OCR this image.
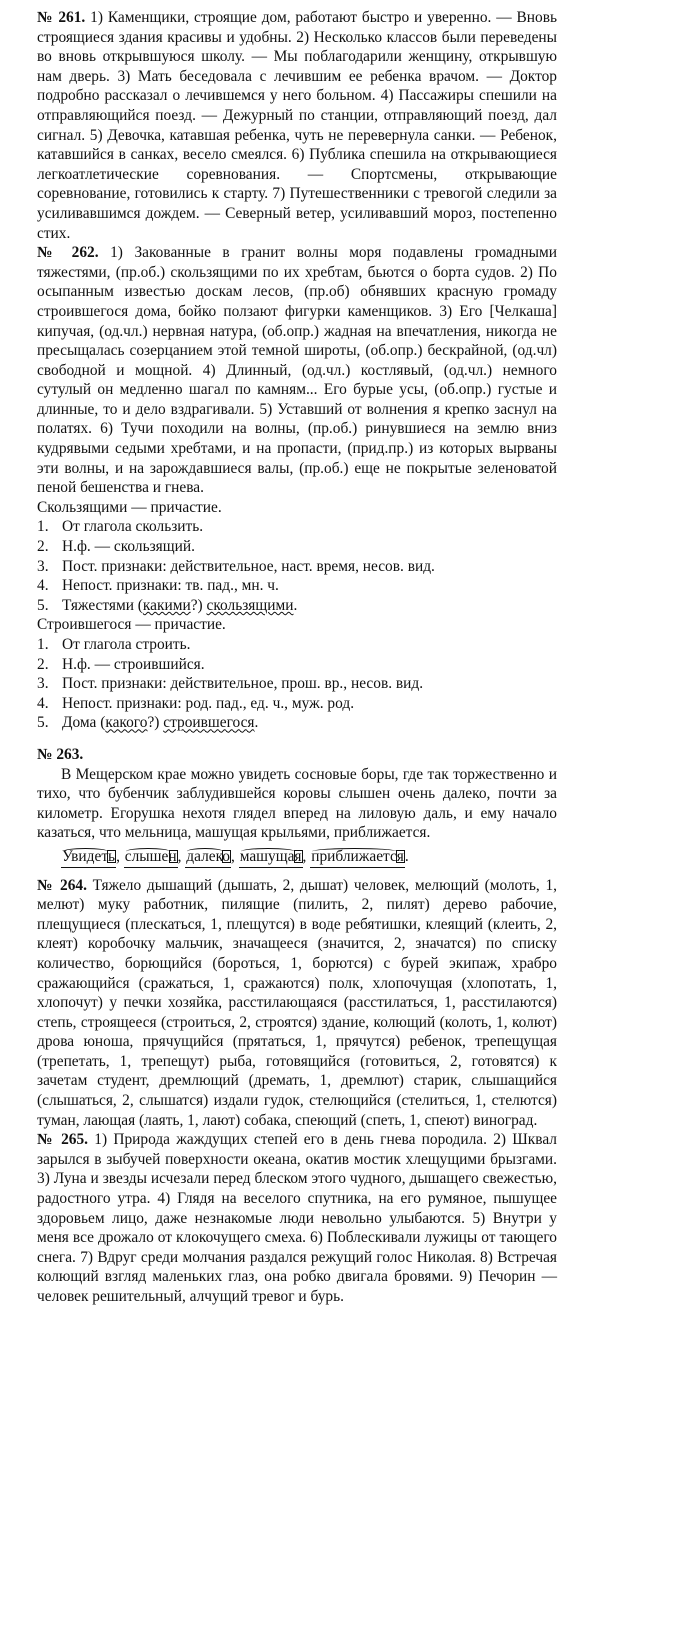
№ 261. 1) Каменщики, строящие дом, работают быстро и уверенно. — Вновь строящиеся здания красивы и удобны. 2) Несколько классов были переведены во вновь открывшуюся школу. — Мы поблагодарили женщину, открывшую нам дверь. 3) Мать беседовала с лечившим ее ребенка врачом. — Доктор подробно рассказал о лечившемся у него больном. 4) Пассажиры спешили на отправляющийся поезд. — Дежурный по станции, отправляющий поезд, дал сигнал. 5) Девочка, катавшая ребенка, чуть не перевернула санки. — Ребенок, катавшийся в санках, весело смеялся. 6) Публика спешила на открывающиеся легкоатлетические соревнования. — Спортсмены, открывающие соревнование, готовились к старту. 7) Путешественники с тревогой следили за усиливавшимся дождем. — Северный ветер, усиливавший мороз, постепенно стих.

№ 262. 1) Закованные в гранит волны моря подавлены громадными тяжестями, (пр.об.) скользящими по их хребтам, бьются о борта судов. 2) По осыпанным известью доскам лесов, (пр.об) обнявших красную громаду строившегося дома, бойко ползают фигурки каменщиков. 3) Его [Челкаша] кипучая, (од.чл.) нервная натура, (об.опр.) жадная на впечатления, никогда не пресыщалась созерцанием этой темной широты, (об.опр.) бескрайной, (од.чл) свободной и мощной. 4) Длинный, (од.чл.) костлявый, (од.чл.) немного сутулый он медленно шагал по камням... Его бурые усы, (об.опр.) густые и длинные, то и дело вздрагивали. 5) Уставший от волнения я крепко заснул на полатях. 6) Тучи походили на волны, (пр.об.) ринувшиеся на землю вниз кудрявыми седыми хребтами, и на пропасти, (прид.пр.) из которых вырваны эти волны, и на зарождавшиеся валы, (пр.об.) еще не покрытые зеленоватой пеной бешенства и гнева.

Скользящими — причастие.

1. От глагола скользить.
2. Н.ф. — скользящий.
3. Пост. признаки: действительное, наст. время, несов. вид.
4. Непост. признаки: тв. пад., мн. ч.
5. Тяжестями (какими?) скользящими.

Строившегося — причастие.

1. От глагола строить.
2. Н.ф. — строившийся.
3. Пост. признаки: действительное, прош. вр., несов. вид.
4. Непост. признаки: род. пад., ед. ч., муж. род.
5. Дома (какого?) строившегося.

№ 263.

В Мещерском крае можно увидеть сосновые боры, где так торжественно и тихо, что бубенчик заблудившейся коровы слышен очень далеко, почти за километр. Егорушка нехотя глядел вперед на лиловую даль, и ему начало казаться, что мельница, машущая крыльями, приближается.

Увидеть, слышен, далеко, машущая, приближается.

№ 264. Тяжело дышащий (дышать, 2, дышат) человек, мелющий (молоть, 1, мелют) муку работник, пилящие (пилить, 2, пилят) дерево рабочие, плещущиеся (плескаться, 1, плещутся) в воде ребятишки, клеящий (клеить, 2, клеят) коробочку мальчик, значащееся (значится, 2, значатся) по списку количество, борющийся (бороться, 1, борются) с бурей экипаж, храбро сражающийся (сражаться, 1, сражаются) полк, хлопочущая (хлопотать, 1, хлопочут) у печки хозяйка, расстилающаяся (расстилаться, 1, расстилаются) степь, строящееся (строиться, 2, строятся) здание, колющий (колоть, 1, колют) дрова юноша, прячущийся (прятаться, 1, прячутся) ребенок, трепещущая (трепетать, 1, трепещут) рыба, готовящийся (готовиться, 2, готовятся) к зачетам студент, дремлющий (дремать, 1, дремлют) старик, слышащийся (слышаться, 2, слышатся) издали гудок, стелющийся (стелиться, 1, стелются) туман, лающая (лаять, 1, лают) собака, спеющий (спеть, 1, спеют) виноград.

№ 265. 1) Природа жаждущих степей его в день гнева породила. 2) Шквал зарылся в зыбучей поверхности океана, окатив мостик хлещущими брызгами. 3) Луна и звезды исчезали перед блеском этого чудного, дышащего свежестью, радостного утра. 4) Глядя на веселого спутника, на его румяное, пышущее здоровьем лицо, даже незнакомые люди невольно улыбаются. 5) Внутри у меня все дрожало от клокочущего смеха. 6) Поблескивали лужицы от тающего снега. 7) Вдруг среди молчания раздался режущий голос Николая. 8) Встречая колющий взгляд маленьких глаз, она робко двигала бровями. 9) Печорин — человек решительный, алчущий тревог и бурь.
